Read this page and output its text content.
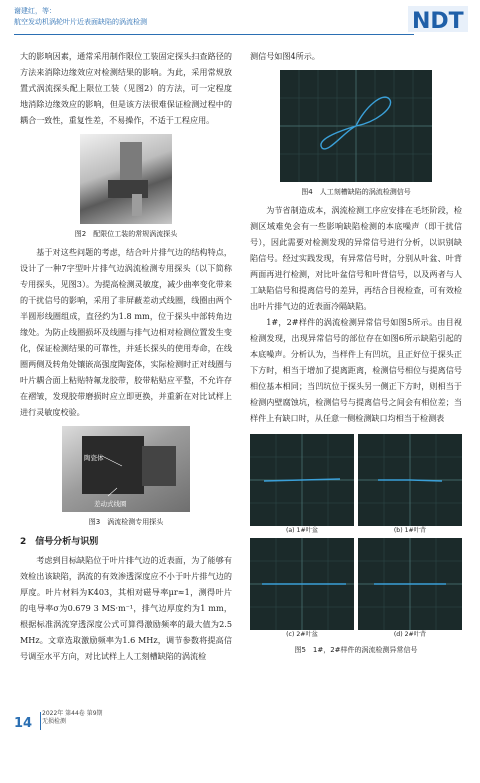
谢建红，等：
航空发动机涡轮叶片近表面缺陷的涡流检测	NDT

大的影响因素，通常采用制作限位工装固定探头扫查路径的方法来消除边缘效应对检测结果的影响。为此，采用常规放置式涡流探头配上限位工装（见图2）的方法，可一定程度地消除边缘效应的影响，但是该方法很难保证检测过程中的耦合一致性，重复性差，不易操作，不适于工程应用。

图2　配限位工装的常规涡流探头

基于对这些问题的考虑，结合叶片排气边的结构特点，设计了一种7字型叶片排气边涡流检测专用探头（以下简称专用探头，见图3）。为提高检测灵敏度，减少曲率变化带来的干扰信号的影响，采用了非屏蔽差动式线圈，线圈由两个半圆形线圈组成，直径约为1.8 mm，位于探头中部转角边缘处。为防止线圈损坏及线圈与排气边相对检测位置发生变化，保证检测结果的可靠性，并延长探头的使用寿命，在线圈两侧及转角处镶嵌高强度陶瓷体，实际检测时正对线圈与叶片耦合面上粘贴特氟龙胶带，胶带粘贴应平整，不允许存在褶皱，发现胶带磨损时应立即更换，并重新在对比试样上进行灵敏度校验。

陶瓷体
差动式线圈
图3　涡流检测专用探头
2　信号分析与识别

考虑到目标缺陷位于叶片排气边的近表面，为了能够有效检出该缺陷，涡流的有效渗透深度应不小于叶片排气边的厚度。叶片材料为K403，其相对磁导率μr≈1，测得叶片的电导率σ为0.679 3 MS·m⁻¹，排气边厚度约为1 mm，根据标准涡流穿透深度公式可算得激励频率的最大值为2.5 MHz。文章选取激励频率为1.6 MHz，调节参数将提高信号调至水平方向，对比试样上人工刻槽缺陷的涡流检

测信号如图4所示。

图4　人工刻槽缺陷的涡流检测信号

为节省制造成本，涡流检测工序应安排在毛坯阶段，检测区域难免会有一些影响缺陷检测的本底噪声（即干扰信号），因此需要对检测发现的异常信号进行分析，以识别缺陷信号。经过实践发现，有异常信号时，分别从叶盆、叶背两面再进行检测，对比叶盆信号和叶背信号，以及两者与人工缺陷信号和提离信号的差异，再结合目视检查，可有效检出叶片排气边的近表面冷隔缺陷。

1#，2#样件的涡流检测异常信号如图5所示。由目视检测发现，出现异常信号的部位存在如图6所示缺陷引起的本底噪声。分析认为，当样件上有凹坑，且正好位于探头正下方时，相当于增加了提离距离，检测信号相位与提离信号相位基本相同；当凹坑位于探头另一侧正下方时，则相当于检测内壁腐蚀坑，检测信号与提离信号之间会有相位差；当样件上有缺口时，从任意一侧检测缺口均相当于检测表

(a) 1#叶盆	(b) 1#叶背
(c) 2#叶盆	(d) 2#叶背
图5　1#，2#样件的涡流检测异常信号
14
2022年 第44卷 第9期
无损检测
